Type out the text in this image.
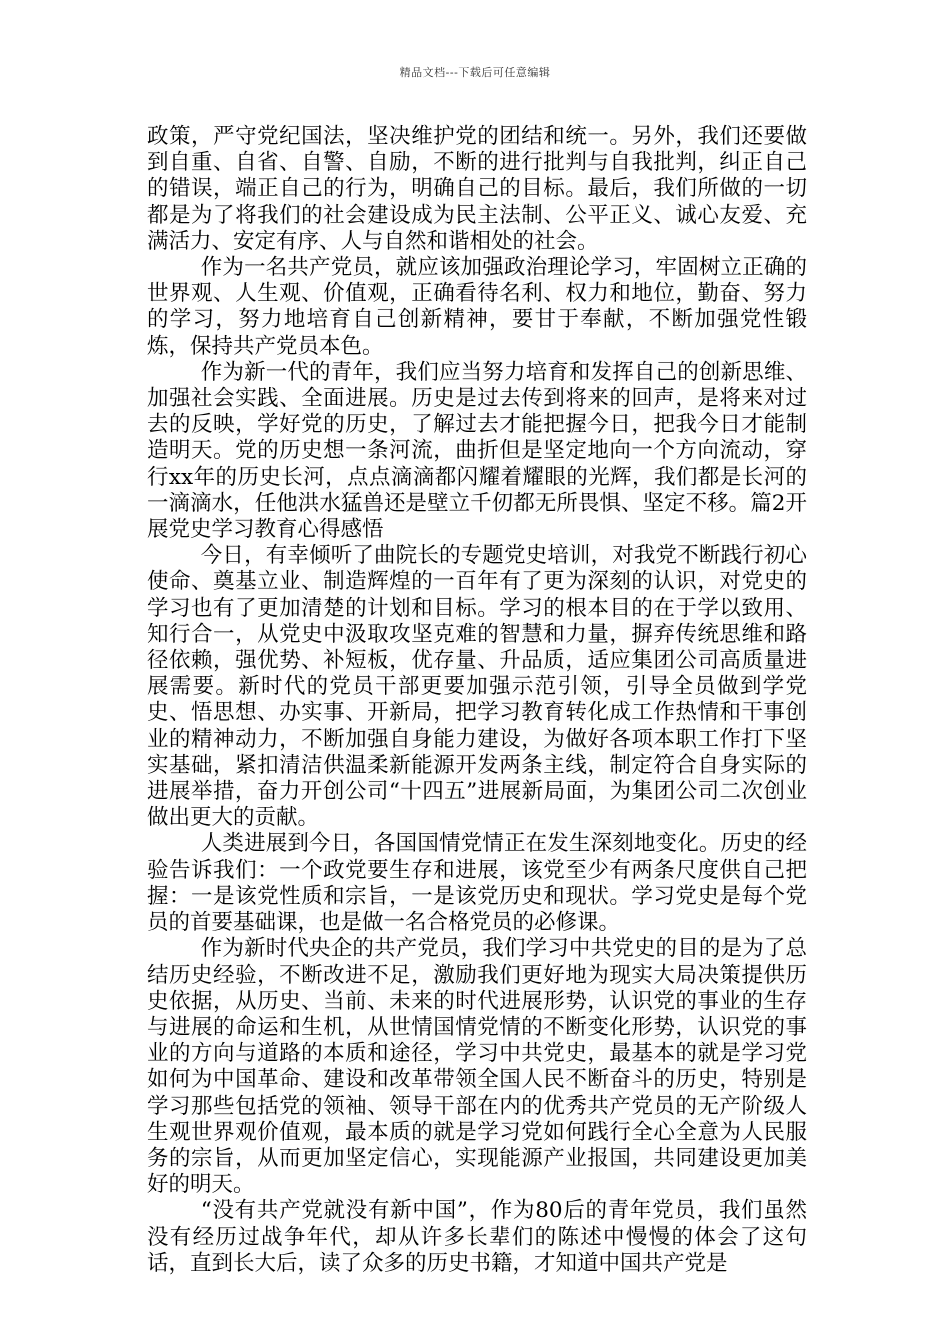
精品文档---下载后可任意编辑

政策，严守党纪国法，坚决维护党的团结和统一。另外，我们还要做到自重、自省、自警、自励，不断的进行批判与自我批判，纠正自己的错误，端正自己的行为，明确自己的目标。最后，我们所做的一切都是为了将我们的社会建设成为民主法制、公平正义、诚心友爱、充满活力、安定有序、人与自然和谐相处的社会。

作为一名共产党员，就应该加强政治理论学习，牢固树立正确的世界观、人生观、价值观，正确看待名利、权力和地位，勤奋、努力的学习，努力地培育自己创新精神，要甘于奉献，不断加强党性锻炼，保持共产党员本色。

作为新一代的青年，我们应当努力培育和发挥自己的创新思维、加强社会实践、全面进展。历史是过去传到将来的回声，是将来对过去的反映，学好党的历史，了解过去才能把握今日，把我今日才能制造明天。党的历史想一条河流，曲折但是坚定地向一个方向流动，穿行xx年的历史长河，点点滴滴都闪耀着耀眼的光辉，我们都是长河的一滴滴水，任他洪水猛兽还是壁立千仞都无所畏惧、坚定不移。篇2开展党史学习教育心得感悟

今日，有幸倾听了曲院长的专题党史培训，对我党不断践行初心使命、奠基立业、制造辉煌的一百年有了更为深刻的认识，对党史的学习也有了更加清楚的计划和目标。学习的根本目的在于学以致用、知行合一，从党史中汲取攻坚克难的智慧和力量，摒弃传统思维和路径依赖，强优势、补短板，优存量、升品质，适应集团公司高质量进展需要。新时代的党员干部更要加强示范引领，引导全员做到学党史、悟思想、办实事、开新局，把学习教育转化成工作热情和干事创业的精神动力，不断加强自身能力建设，为做好各项本职工作打下坚实基础，紧扣清洁供温柔新能源开发两条主线，制定符合自身实际的进展举措，奋力开创公司“十四五”进展新局面，为集团公司二次创业做出更大的贡献。

人类进展到今日，各国国情党情正在发生深刻地变化。历史的经验告诉我们：一个政党要生存和进展，该党至少有两条尺度供自己把握：一是该党性质和宗旨，一是该党历史和现状。学习党史是每个党员的首要基础课，也是做一名合格党员的必修课。

作为新时代央企的共产党员，我们学习中共党史的目的是为了总结历史经验，不断改进不足，激励我们更好地为现实大局决策提供历史依据，从历史、当前、未来的时代进展形势，认识党的事业的生存与进展的命运和生机，从世情国情党情的不断变化形势，认识党的事业的方向与道路的本质和途径，学习中共党史，最基本的就是学习党如何为中国革命、建设和改革带领全国人民不断奋斗的历史，特别是学习那些包括党的领袖、领导干部在内的优秀共产党员的无产阶级人生观世界观价值观，最本质的就是学习党如何践行全心全意为人民服务的宗旨，从而更加坚定信心，实现能源产业报国，共同建设更加美好的明天。

“没有共产党就没有新中国”，作为80后的青年党员，我们虽然没有经历过战争年代，却从许多长辈们的陈述中慢慢的体会了这句话，直到长大后，读了众多的历史书籍，才知道中国共产党是
